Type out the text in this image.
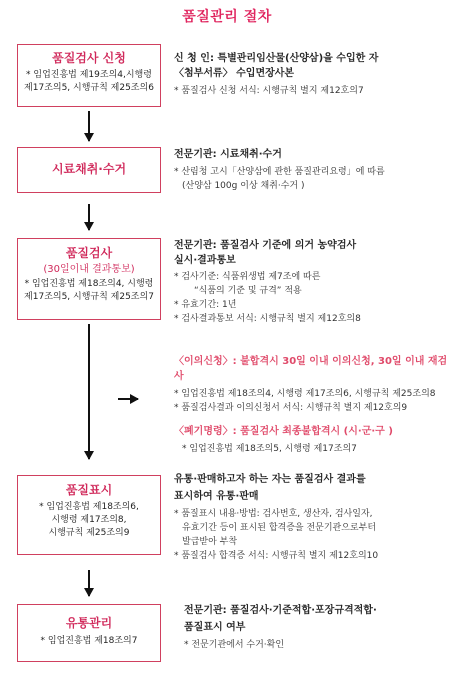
품질관리 절차
품질검사 신청
* 임업진흥법 제19조의4,시행령
제17조의5, 시행규칙 제25조의6
시료채취·수거
품질검사
(30일이내 결과통보)
* 임업진흥법 제18조의4, 시행령
제17조의5, 시행규칙 제25조의7
품질표시
* 임업진흥법 제18조의6,
시행령 제17조의8,
시행규칙 제25조의9
유통관리
* 임업진흥법 제18조의7
신 청 인: 특별관리임산물(산양삼)을 수입한 자
〈첨부서류〉 수입면장사본
* 품질검사 신청 서식: 시행규칙 별지 제12호의7
전문기관: 시료채취·수거
* 산림청 고시「산양삼에 관한 품질관리요령」에 따름
(산양삼 100g 이상 채취·수거 )
전문기관: 품질검사 기준에 의거 농약검사
실시·결과통보
* 검사기준: 식품위생법 제7조에 따른
“식품의 기준 및 규격” 적용
* 유효기간: 1년
* 검사결과통보 서식: 시행규칙 별지 제12호의8
〈이의신청〉: 불합격시 30일 이내 이의신청, 30일 이내 재검사
* 임업진흥법 제18조의4, 시행령 제17조의6, 시행규칙 제25조의8
* 품질검사결과 이의신청서 서식: 시행규칙 별지 제12호의9
〈폐기명령〉: 품질검사 최종불합격시 (시·군·구 )
* 임업진흥법 제18조의5, 시행령 제17조의7
유통·판매하고자 하는 자는 품질검사 결과를
표시하여 유통·판매
* 품질표시 내용·방법: 검사번호, 생산자, 검사일자,
유효기간 등이 표시된 합격증을 전문기관으로부터
발급받아 부착
* 품질검사 합격증 서식: 시행규칙 별지 제12호의10
전문기관: 품질검사·기준적합·포장규격적합·
품질표시 여부
* 전문기관에서 수거·확인
